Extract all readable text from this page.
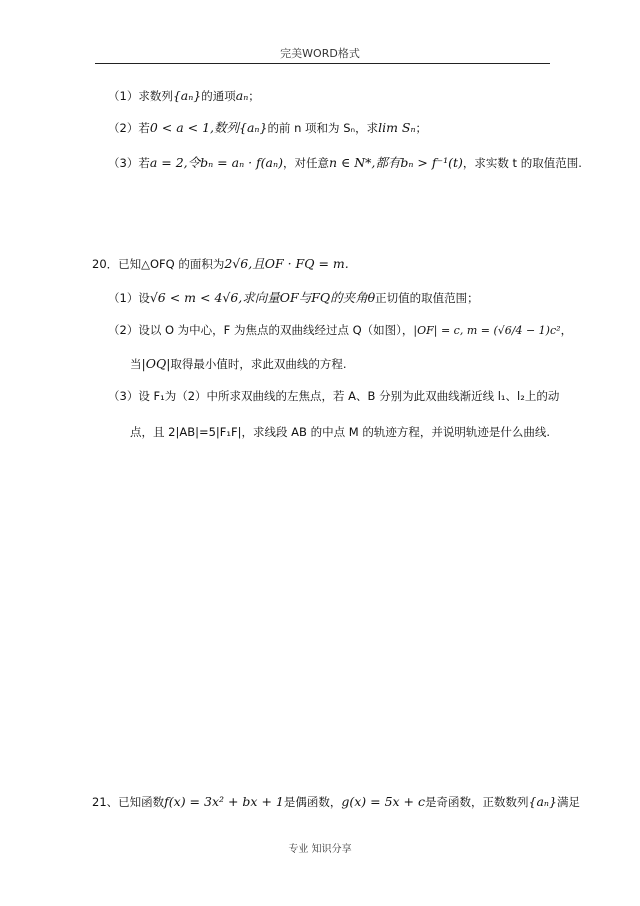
完美WORD格式
（1）求数列{aₙ}的通项aₙ；
（2）若0 < a < 1,数列{aₙ}的前 n 项和为 Sₙ，求lim Sₙ；
（3）若a = 2,令bₙ = aₙ · f(aₙ)，对任意n ∈ N*,都有bₙ > f⁻¹(t)，求实数 t 的取值范围.
20．已知△OFQ 的面积为2√6,且OF · FQ = m.
（1）设√6 < m < 4√6,求向量OF与FQ的夹角θ正切值的取值范围；
（2）设以 O 为中心，F 为焦点的双曲线经过点 Q（如图），|OF| = c, m = (√6/4 − 1)c²，
当|OQ|取得最小值时，求此双曲线的方程.
（3）设 F₁为（2）中所求双曲线的左焦点，若 A、B 分别为此双曲线渐近线 l₁、l₂上的动
点，且 2|AB|=5|F₁F|，求线段 AB 的中点 M 的轨迹方程，并说明轨迹是什么曲线.
21、已知函数f(x) = 3x² + bx + 1是偶函数，g(x) = 5x + c是奇函数，正数数列{aₙ}满足
专业 知识分享
